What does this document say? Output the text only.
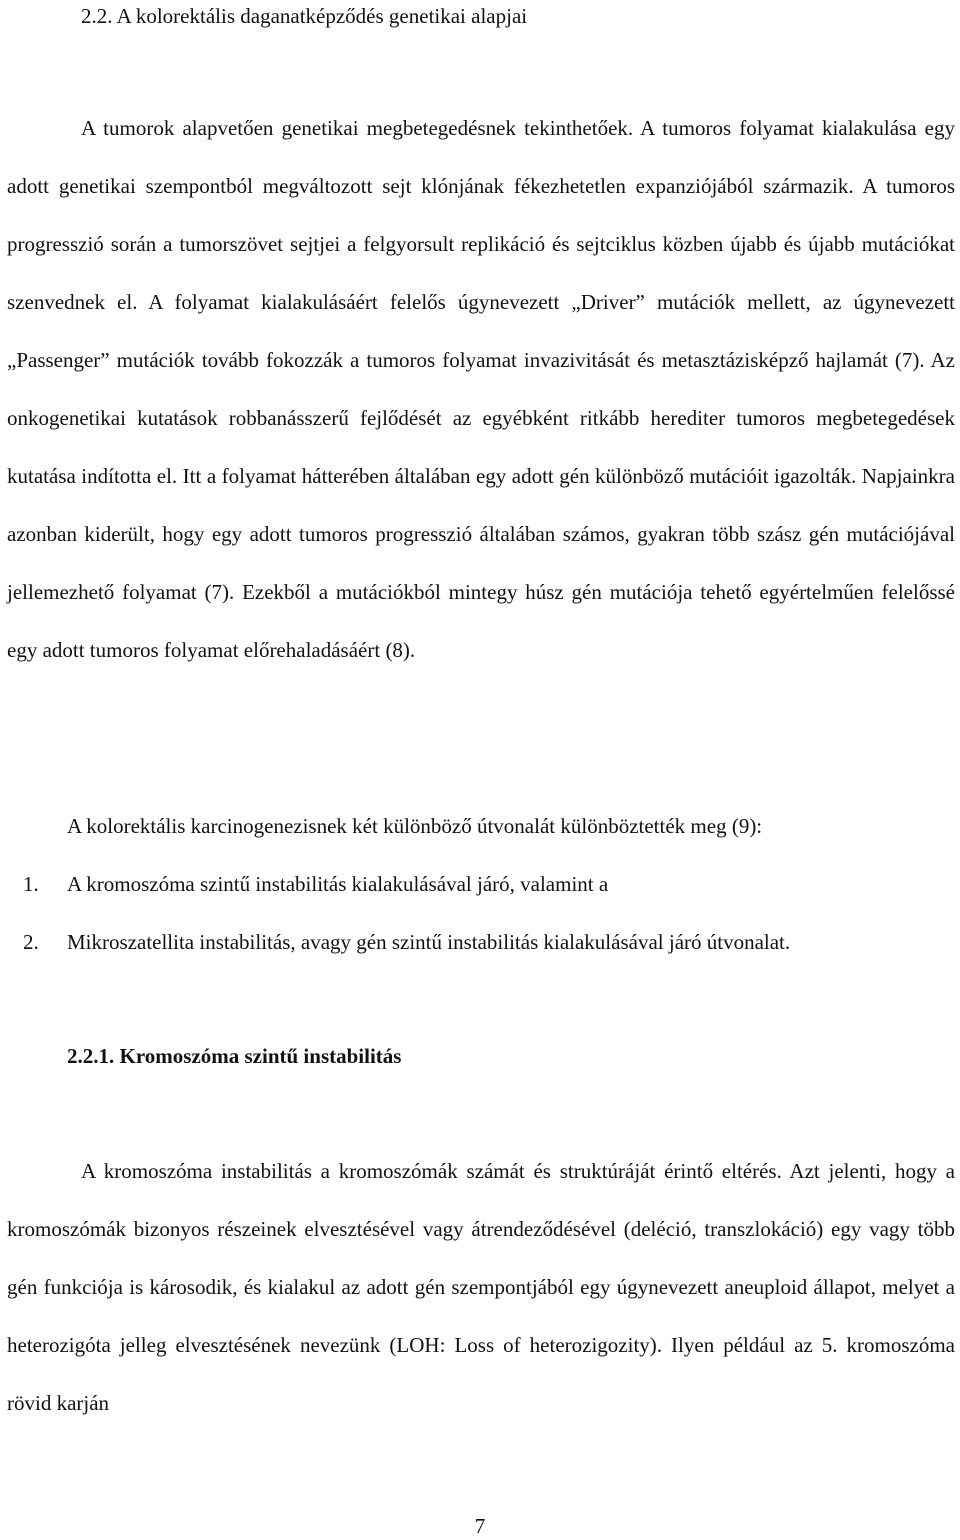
2.2. A kolorektális daganatképződés genetikai alapjai

A tumorok alapvetően genetikai megbetegedésnek tekinthetőek. A tumoros folyamat kialakulása egy adott genetikai szempontból megváltozott sejt klónjának fékezhetetlen expanziójából származik. A tumoros progresszió során a tumorszövet sejtjei a felgyorsult replikáció és sejtciklus közben újabb és újabb mutációkat szenvednek el. A folyamat kialakulásáért felelős úgynevezett „Driver” mutációk mellett, az úgynevezett „Passenger” mutációk tovább fokozzák a tumoros folyamat invazivitását és metasztázisképző hajlamát (7). Az onkogenetikai kutatások robbanásszerű fejlődését az egyébként ritkább herediter tumoros megbetegedések kutatása indította el. Itt a folyamat hátterében általában egy adott gén különböző mutációit igazolták. Napjainkra azonban kiderült, hogy egy adott tumoros progresszió általában számos, gyakran több szász gén mutációjával jellemezhető folyamat (7). Ezekből a mutációkból mintegy húsz gén mutációja tehető egyértelműen felelőssé egy adott tumoros folyamat előrehaladásáért (8).

A kolorektális karcinogenezisnek két különböző útvonalát különböztették meg (9):

1. A kromoszóma szintű instabilitás kialakulásával járó, valamint a
2. Mikroszatellita instabilitás, avagy gén szintű instabilitás kialakulásával járó útvonalat.
2.2.1. Kromoszóma szintű instabilitás

A kromoszóma instabilitás a kromoszómák számát és struktúráját érintő eltérés. Azt jelenti, hogy a kromoszómák bizonyos részeinek elvesztésével vagy átrendeződésével (deléció, transzlokáció) egy vagy több gén funkciója is károsodik, és kialakul az adott gén szempontjából egy úgynevezett aneuploid állapot, melyet a heterozigóta jelleg elvesztésének nevezünk (LOH: Loss of heterozigozity). Ilyen például az 5. kromoszóma rövid karján

7
